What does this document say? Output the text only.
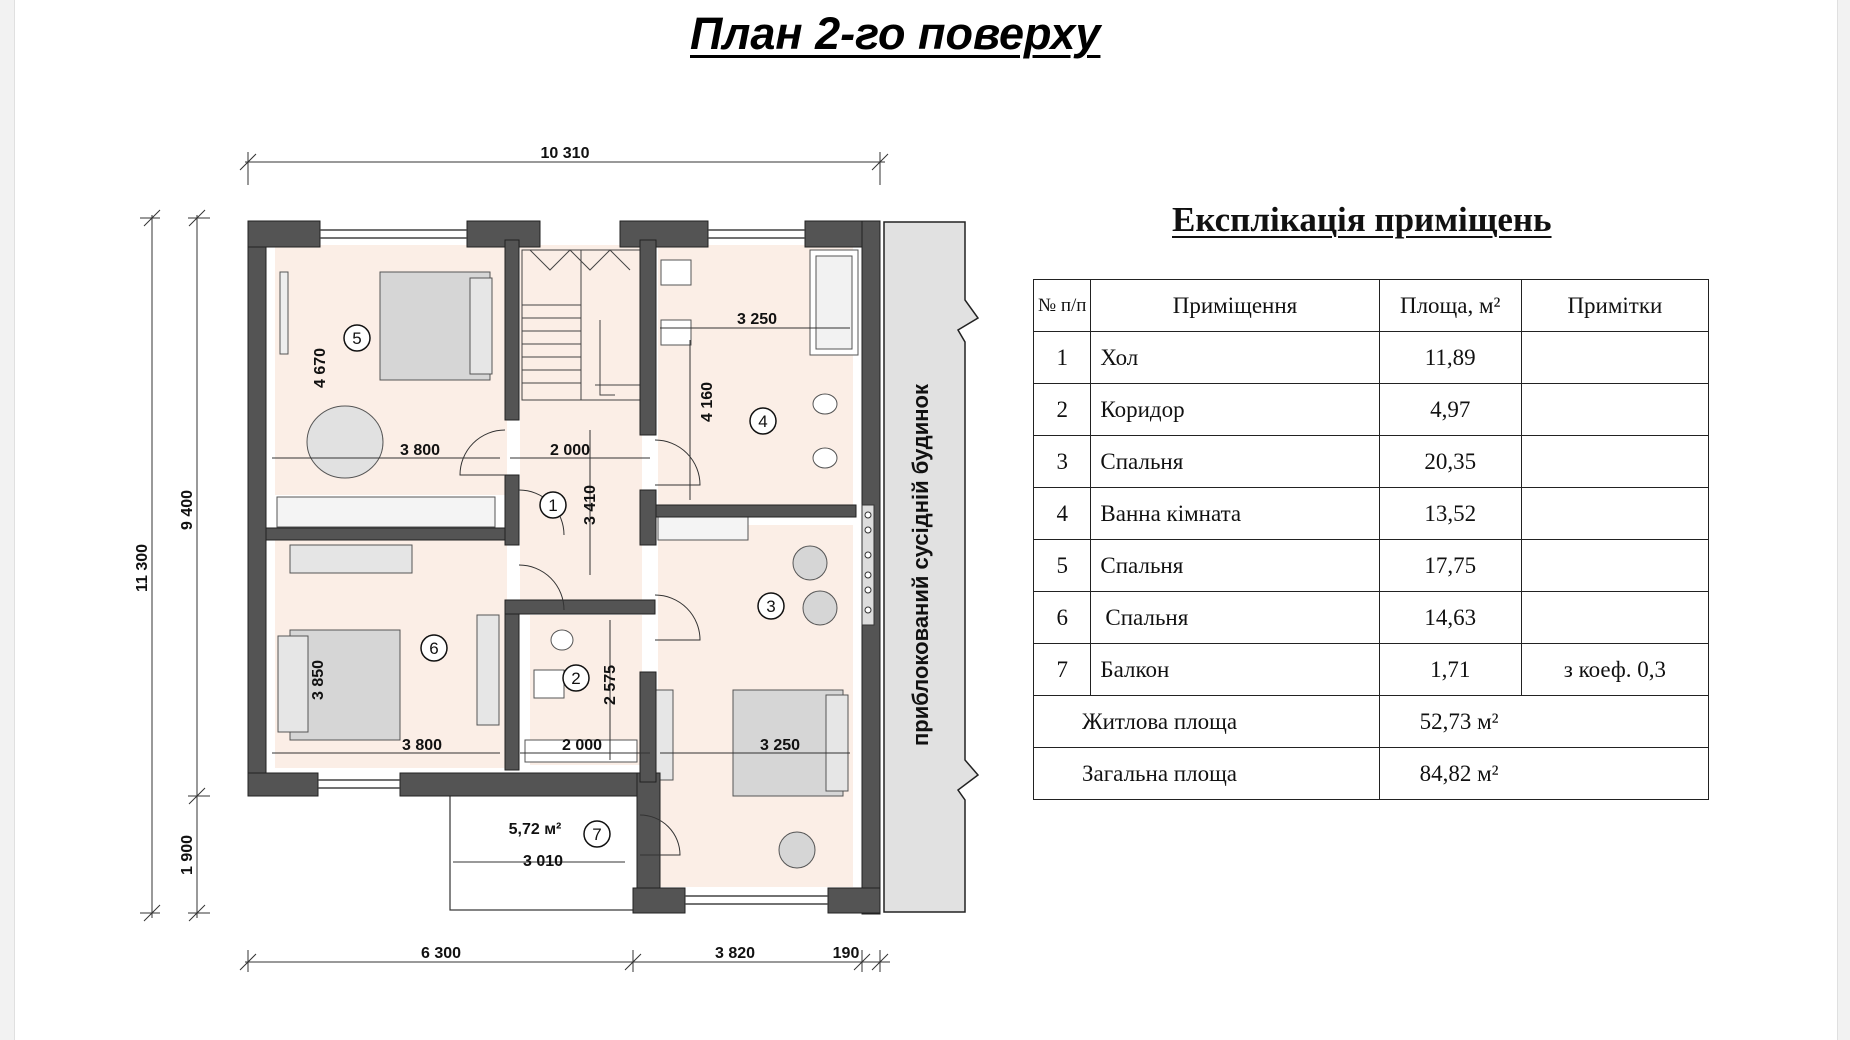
План 2-го поверху
приблокований сусідній будинок
10 310
6 300	3 820	190
11 300
9 400
1 900
3 800
4 670
2 000
3 410
3 250
4 160
3 800
3 850
2 000
2 575
3 250
3 010
5,72 м²
1
2
3
4
5
6
7
Експлікація приміщень
№ п/п	Приміщення	Площа, м²	Примітки
1	Хол	11,89	
2	Коридор	4,97	
3	Спальня	20,35	
4	Ванна кімната	13,52	
5	Спальня	17,75	
6	Спальня	14,63	
7	Балкон	1,71	з коеф. 0,3
Житлова площа		52,73 м²	
Загальна площа		84,82 м²	
